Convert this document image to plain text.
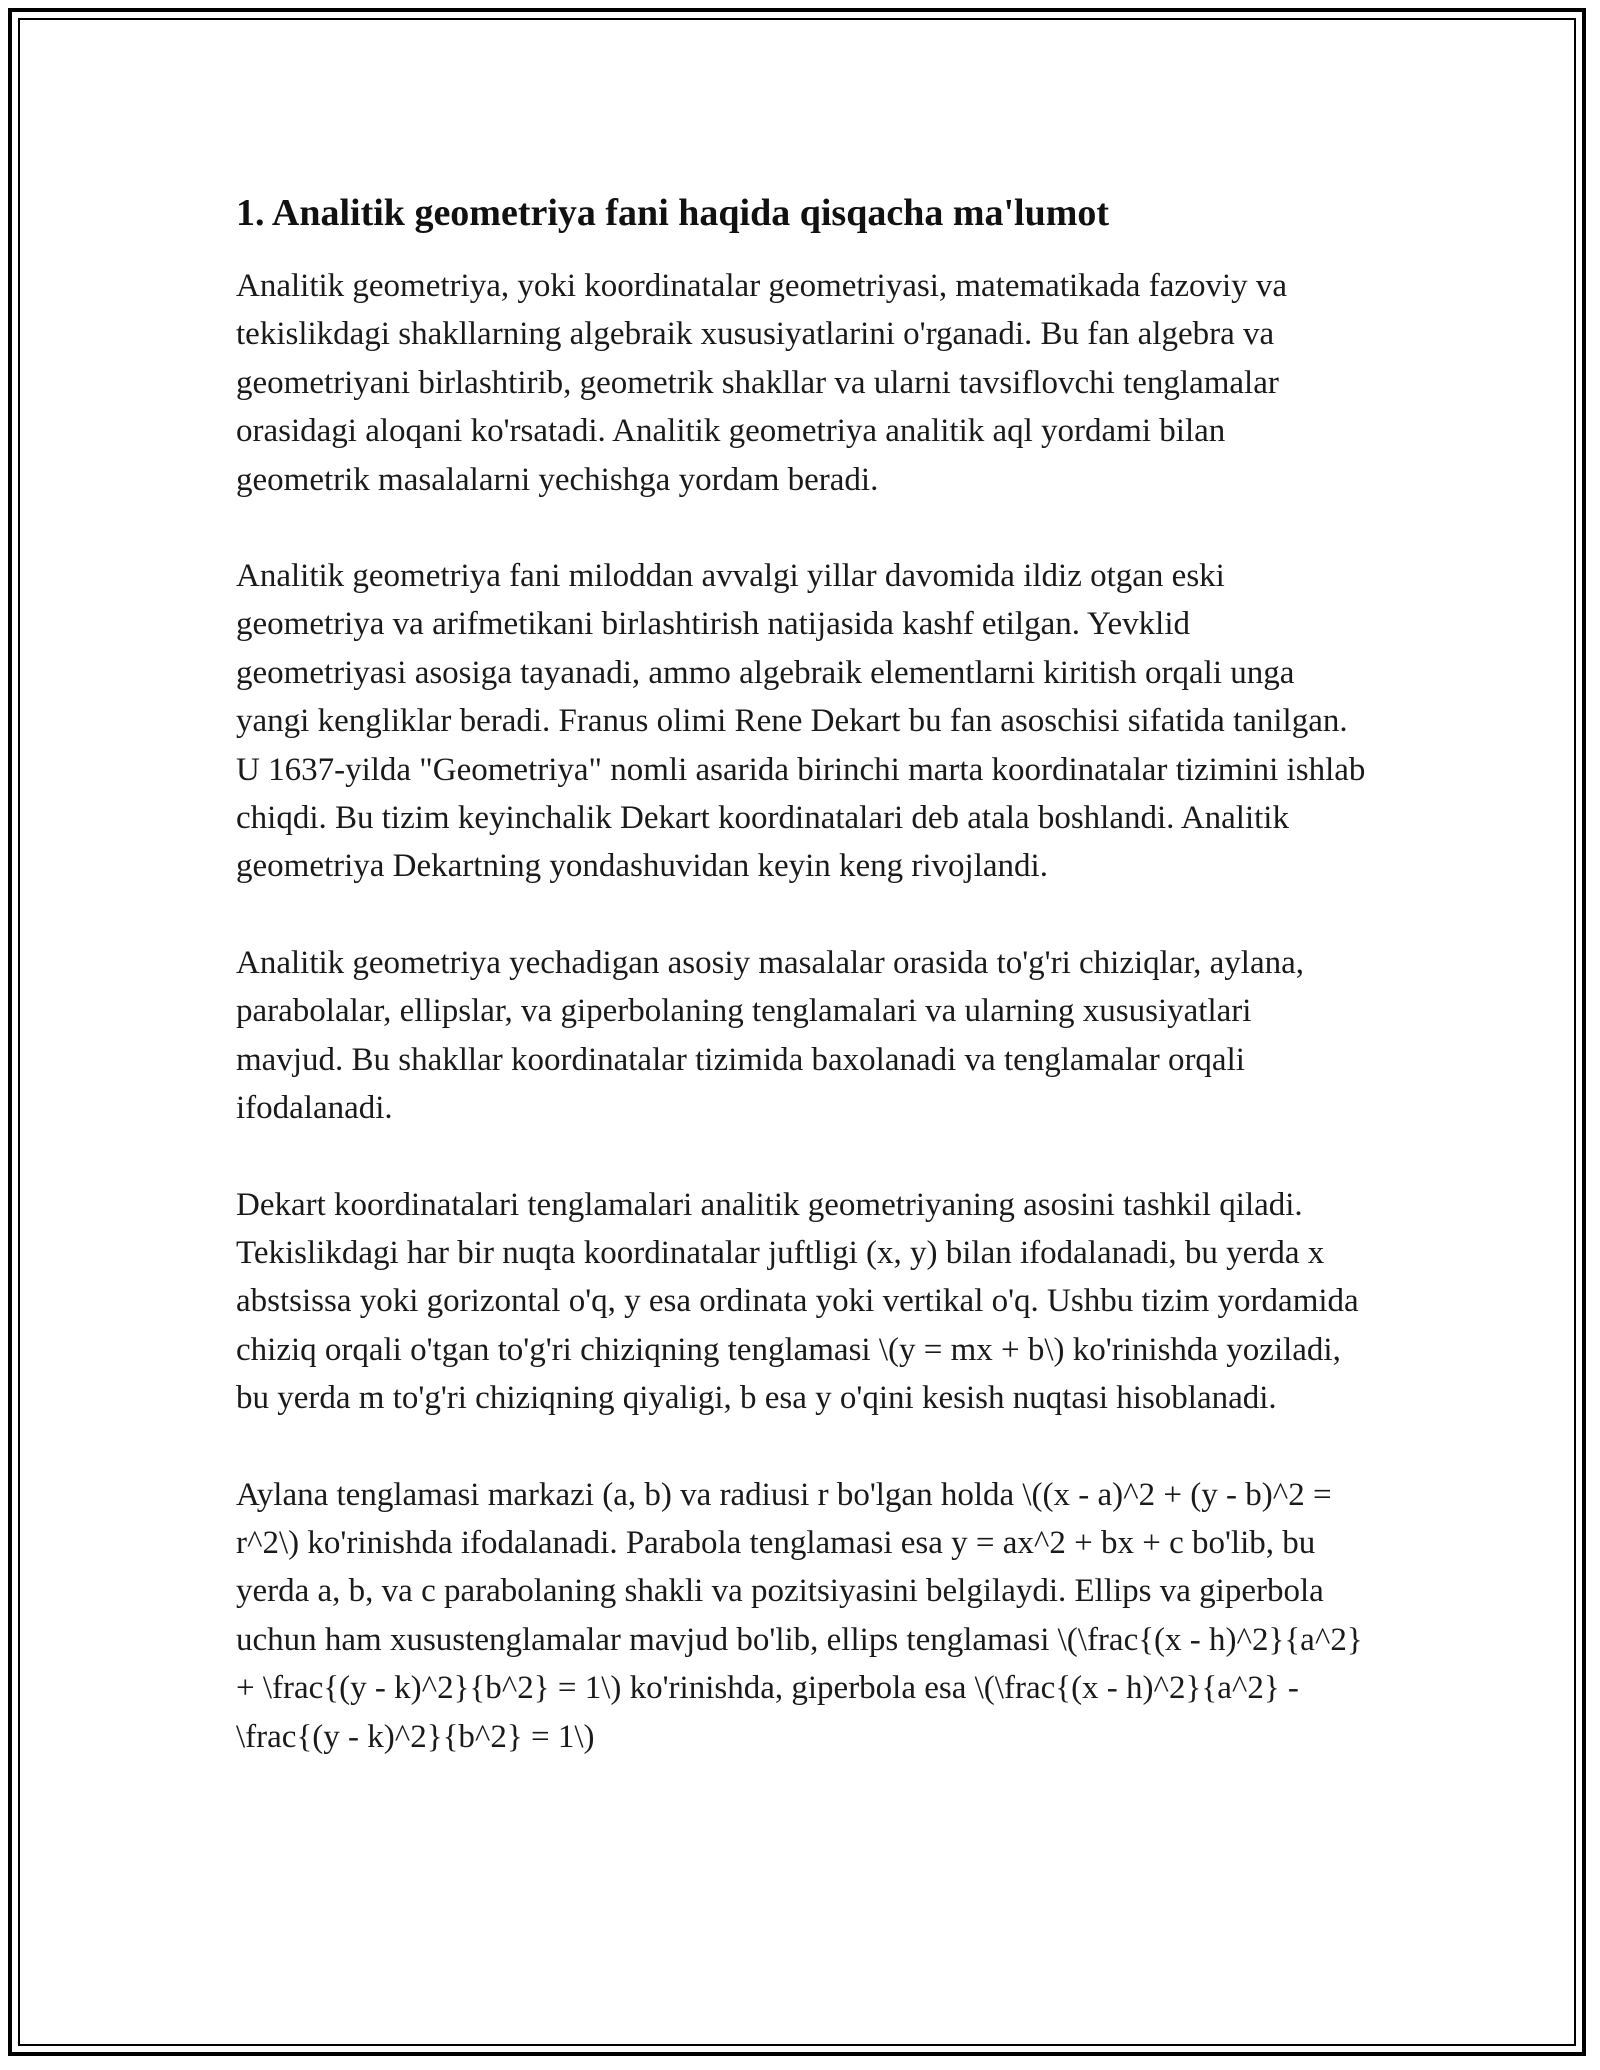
1. Analitik geometriya fani haqida qisqacha ma'lumot

Analitik geometriya, yoki koordinatalar geometriyasi, matematikada fazoviy va tekislikdagi shakllarning algebraik xususiyatlarini o'rganadi. Bu fan algebra va geometriyani birlashtirib, geometrik shakllar va ularni tavsiflovchi tenglamalar orasidagi aloqani ko'rsatadi. Analitik geometriya analitik aql yordami bilan geometrik masalalarni yechishga yordam beradi.

Analitik geometriya fani miloddan avvalgi yillar davomida ildiz otgan eski geometriya va arifmetikani birlashtirish natijasida kashf etilgan. Yevklid geometriyasi asosiga tayanadi, ammo algebraik elementlarni kiritish orqali unga yangi kengliklar beradi. Franus olimi Rene Dekart bu fan asoschisi sifatida tanilgan. U 1637-yilda "Geometriya" nomli asarida birinchi marta koordinatalar tizimini ishlab chiqdi. Bu tizim keyinchalik Dekart koordinatalari deb atala boshlandi. Analitik geometriya Dekartning yondashuvidan keyin keng rivojlandi.

Analitik geometriya yechadigan asosiy masalalar orasida to'g'ri chiziqlar, aylana, parabolalar, ellipslar, va giperbolaning tenglamalari va ularning xususiyatlari mavjud. Bu shakllar koordinatalar tizimida baxolanadi va tenglamalar orqali ifodalanadi.

Dekart koordinatalari tenglamalari analitik geometriyaning asosini tashkil qiladi. Tekislikdagi har bir nuqta koordinatalar juftligi (x, y) bilan ifodalanadi, bu yerda x abstsissa yoki gorizontal o'q, y esa ordinata yoki vertikal o'q. Ushbu tizim yordamida chiziq orqali o'tgan to'g'ri chiziqning tenglamasi \(y = mx + b\) ko'rinishda yoziladi, bu yerda m to'g'ri chiziqning qiyaligi, b esa y o'qini kesish nuqtasi hisoblanadi.

Aylana tenglamasi markazi (a, b) va radiusi r bo'lgan holda \((x - a)^2 + (y - b)^2 = r^2\) ko'rinishda ifodalanadi. Parabola tenglamasi esa y = ax^2 + bx + c bo'lib, bu yerda a, b, va c parabolaning shakli va pozitsiyasini belgilaydi. Ellips va giperbola uchun ham xusustenglamalar mavjud bo'lib, ellips tenglamasi \(\frac{(x - h)^2}{a^2} + \frac{(y - k)^2}{b^2} = 1\) ko'rinishda, giperbola esa \(\frac{(x - h)^2}{a^2} - \frac{(y - k)^2}{b^2} = 1\)
